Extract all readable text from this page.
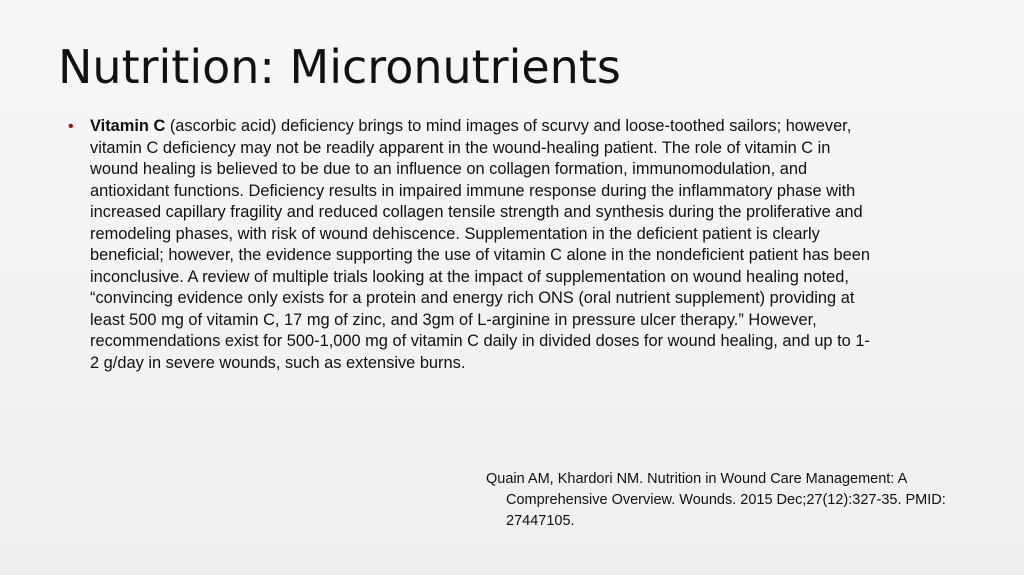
Nutrition: Micronutrients
• Vitamin C (ascorbic acid) deficiency brings to mind images of scurvy and loose-toothed sailors; however, vitamin C deficiency may not be readily apparent in the wound-healing patient. The role of vitamin C in wound healing is believed to be due to an influence on collagen formation, immunomodulation, and antioxidant functions. Deficiency results in impaired immune response during the inflammatory phase with increased capillary fragility and reduced collagen tensile strength and synthesis during the proliferative and remodeling phases, with risk of wound dehiscence. Supplementation in the deficient patient is clearly beneficial; however, the evidence supporting the use of vitamin C alone in the nondeficient patient has been inconclusive. A review of multiple trials looking at the impact of supplementation on wound healing noted, “convincing evidence only exists for a protein and energy rich ONS (oral nutrient supplement) providing at least 500 mg of vitamin C, 17 mg of zinc, and 3gm of L-arginine in pressure ulcer therapy.” However, recommendations exist for 500-1,000 mg of vitamin C daily in divided doses for wound healing, and up to 1-2 g/day in severe wounds, such as extensive burns.
Quain AM, Khardori NM. Nutrition in Wound Care Management: A Comprehensive Overview. Wounds. 2015 Dec;27(12):327-35. PMID: 27447105.
